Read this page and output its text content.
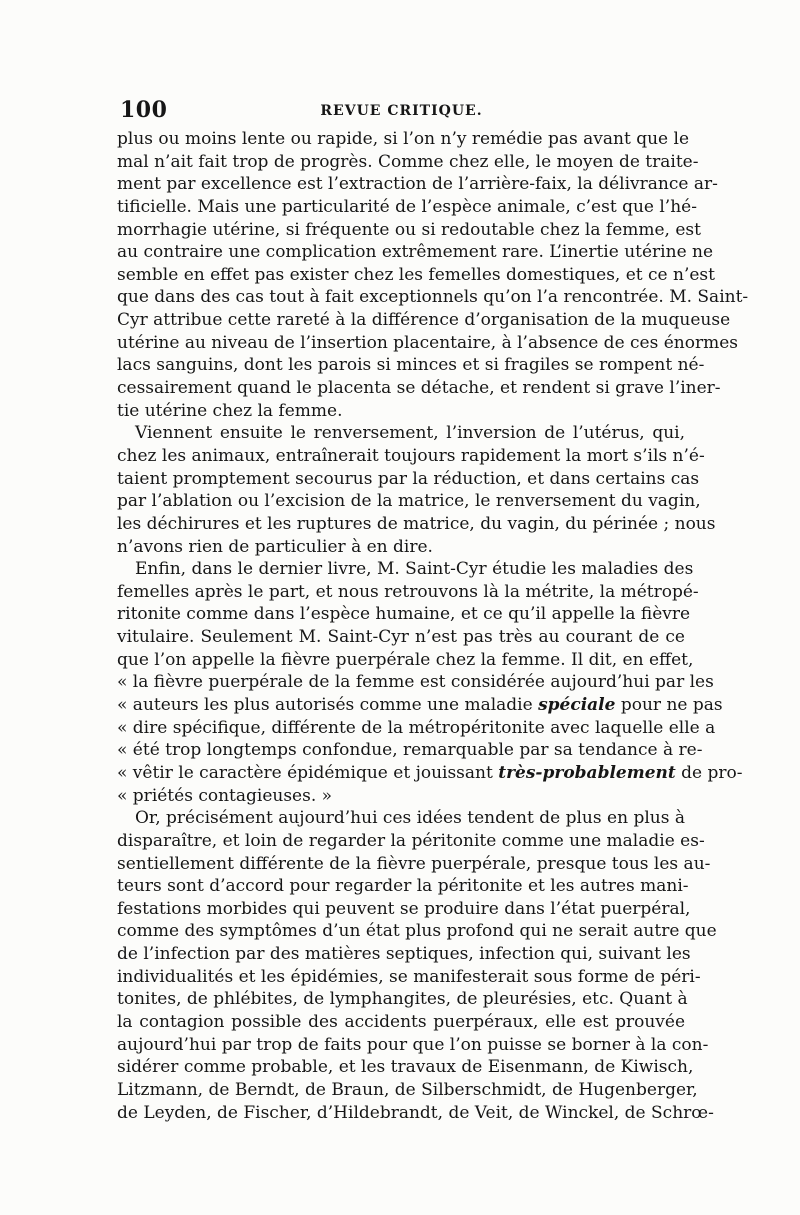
100	REVUE CRITIQUE.
plus ou moins lente ou rapide, si l’on n’y remédie pas avant que le
mal n’ait fait trop de progrès. Comme chez elle, le moyen de traite-
ment par excellence est l’extraction de l’arrière-faix, la délivrance ar-
tificielle. Mais une particularité de l’espèce animale, c’est que l’hé-
morrhagie utérine, si fréquente ou si redoutable chez la femme, est
au contraire une complication extrêmement rare. L’inertie utérine ne
semble en effet pas exister chez les femelles domestiques, et ce n’est
que dans des cas tout à fait exceptionnels qu’on l’a rencontrée. M. Saint-
Cyr attribue cette rareté à la différence d’organisation de la muqueuse
utérine au niveau de l’insertion placentaire, à l’absence de ces énormes
lacs sanguins, dont les parois si minces et si fragiles se rompent né-
cessairement quand le placenta se détache, et rendent si grave l’iner-
tie utérine chez la femme.
Viennent ensuite le renversement, l’inversion de l’utérus, qui,
chez les animaux, entraînerait toujours rapidement la mort s’ils n’é-
taient promptement secourus par la réduction, et dans certains cas
par l’ablation ou l’excision de la matrice, le renversement du vagin,
les déchirures et les ruptures de matrice, du vagin, du périnée ; nous
n’avons rien de particulier à en dire.
Enfin, dans le dernier livre, M. Saint-Cyr étudie les maladies des
femelles après le part, et nous retrouvons là la métrite, la métropé-
ritonite comme dans l’espèce humaine, et ce qu’il appelle la fièvre
vitulaire. Seulement M. Saint-Cyr n’est pas très au courant de ce
que l’on appelle la fièvre puerpérale chez la femme. Il dit, en effet,
« la fièvre puerpérale de la femme est considérée aujourd’hui par les
« auteurs les plus autorisés comme une maladie spéciale pour ne pas
« dire spécifique, différente de la métropéritonite avec laquelle elle a
« été trop longtemps confondue, remarquable par sa tendance à re-
« vêtir le caractère épidémique et jouissant très-probablement de pro-
« priétés contagieuses. »
Or, précisément aujourd’hui ces idées tendent de plus en plus à
disparaître, et loin de regarder la péritonite comme une maladie es-
sentiellement différente de la fièvre puerpérale, presque tous les au-
teurs sont d’accord pour regarder la péritonite et les autres mani-
festations morbides qui peuvent se produire dans l’état puerpéral,
comme des symptômes d’un état plus profond qui ne serait autre que
de l’infection par des matières septiques, infection qui, suivant les
individualités et les épidémies, se manifesterait sous forme de péri-
tonites, de phlébites, de lymphangites, de pleurésies, etc. Quant à
la contagion possible des accidents puerpéraux, elle est prouvée
aujourd’hui par trop de faits pour que l’on puisse se borner à la con-
sidérer comme probable, et les travaux de Eisenmann, de Kiwisch,
Litzmann, de Berndt, de Braun, de Silberschmidt, de Hugenberger,
de Leyden, de Fischer, d’Hildebrandt, de Veit, de Winckel, de Schrœ-
